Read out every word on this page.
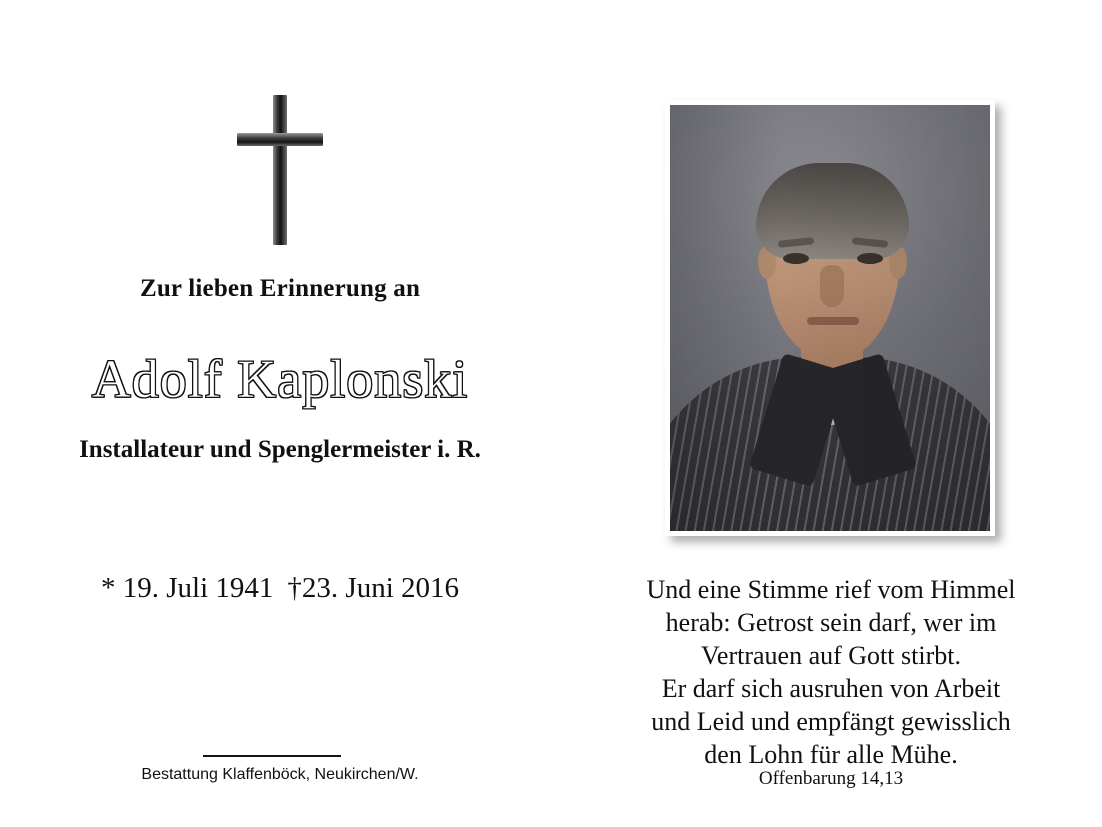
Zur lieben Erinnerung an
Adolf Kaplonski
Installateur und Spenglermeister i. R.
* 19. Juli 1941 †23. Juni 2016
Bestattung Klaffenböck, Neukirchen/W.
Und eine Stimme rief vom Himmel
herab: Getrost sein darf, wer im
Vertrauen auf Gott stirbt.
Er darf sich ausruhen von Arbeit
und Leid und empfängt gewisslich
den Lohn für alle Mühe.
Offenbarung 14,13
